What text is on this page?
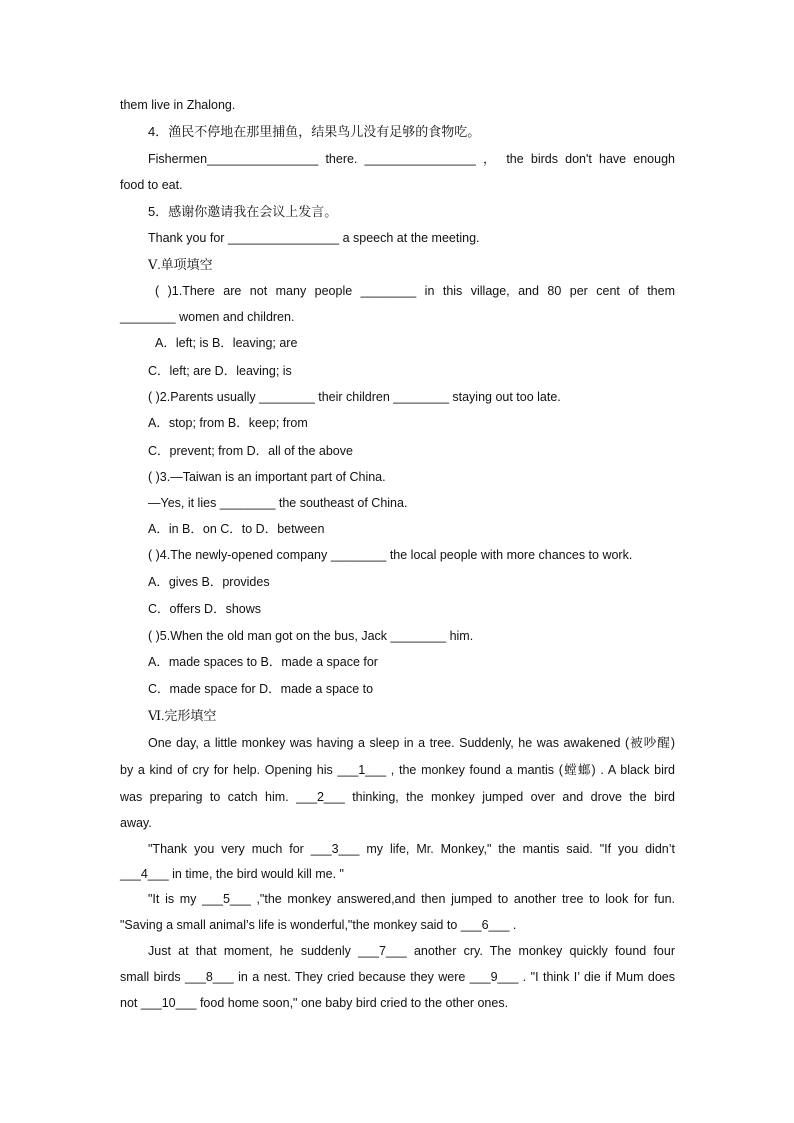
them live in Zhalong.
4．渔民不停地在那里捕鱼，结果鸟儿没有足够的食物吃。
Fishermen________________ there. ________________ ， the birds don't have enough
food to eat.
5．感谢你邀请我在会议上发言。
Thank you for ________________ a speech at the meeting.
Ⅴ.单项填空
( )1.There are not many people ________ in this village, and 80 per cent of them
________ women and children.
A．left; is B．leaving; are
C．left; are D．leaving; is
( )2.Parents usually ________ their children ________ staying out too late.
A．stop; from B．keep; from
C．prevent; from D．all of the above
( )3.—Taiwan is an important part of China.
—Yes, it lies ________ the southeast of China.
A．in B．on C．to D．between
( )4.The newly-opened company ________ the local people with more chances to work.
A．gives B．provides
C．offers D．shows
( )5.When the old man got on the bus, Jack ________ him.
A．made spaces to B．made a space for
C．made space for D．made a space to
Ⅵ.完形填空
One day, a little monkey was having a sleep in a tree. Suddenly, he was awakened (被吵醒)
by a kind of cry for help. Opening his ___1___ , the monkey found a mantis (螳螂) . A black bird
was preparing to catch him. ___2___ thinking, the monkey jumped over and drove the bird
away.
"Thank you very much for ___3___ my life, Mr. Monkey," the mantis said. "If you didn’t
___4___ in time, the bird would kill me. "
"It is my ___5___ ,"the monkey answered,and then jumped to another tree to look for fun.
"Saving a small animal’s life is wonderful,"the monkey said to ___6___ .
Just at that moment, he suddenly ___7___ another cry. The monkey quickly found four
small birds ___8___ in a nest. They cried because they were ___9___ . "I think I’ die if Mum does
not ___10___ food home soon," one baby bird cried to the other ones.
